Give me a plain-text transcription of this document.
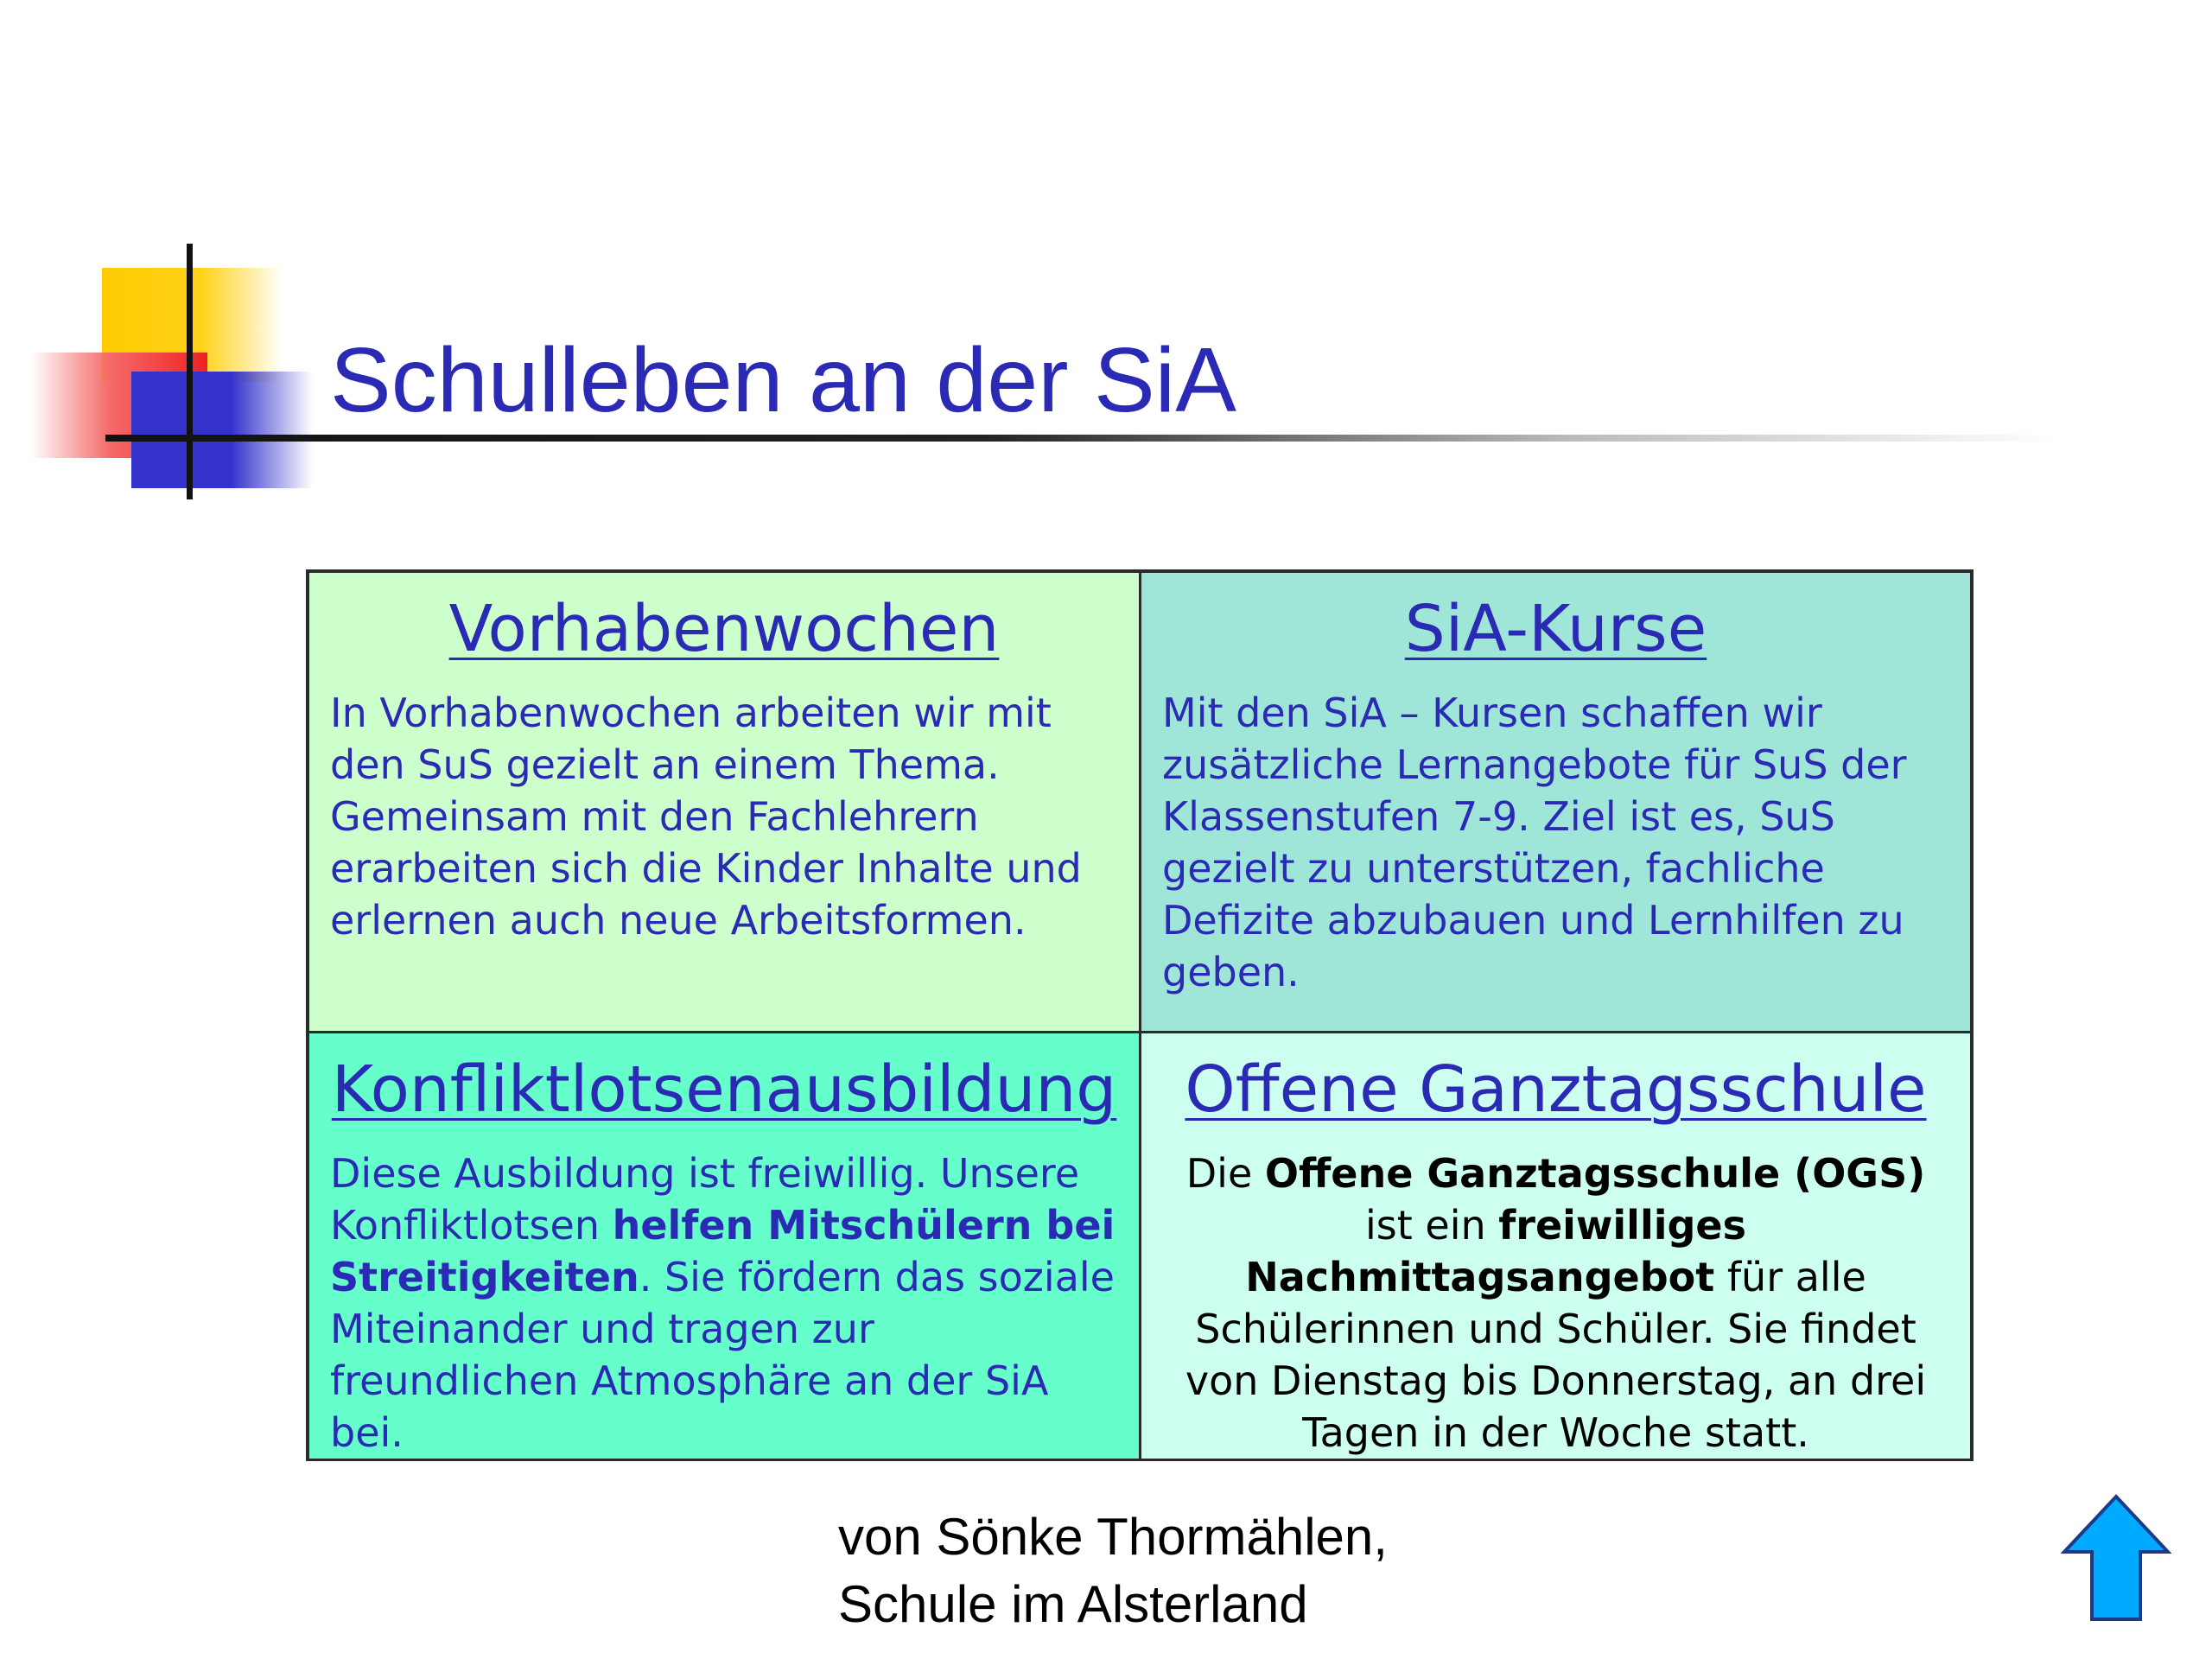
Schulleben an der SiA
Vorhabenwochen

In Vorhabenwochen arbeiten wir mit den SuS gezielt an einem Thema. Gemeinsam mit den Fachlehrern erarbeiten sich die Kinder Inhalte und erlernen auch neue Arbeitsformen.

SiA-Kurse

Mit den SiA – Kursen schaffen wir zusätzliche Lernangebote für SuS der Klassenstufen 7-9. Ziel ist es, SuS gezielt zu unterstützen, fachliche Defizite abzubauen und Lernhilfen zu geben.

Konfliktlotsenausbildung

Diese Ausbildung ist freiwillig. Unsere Konfliktlotsen helfen Mitschülern bei Streitigkeiten. Sie fördern das soziale Miteinander und tragen zur freundlichen Atmosphäre an der SiA bei.

Offene Ganztagsschule

Die Offene Ganztagsschule (OGS) ist ein freiwilliges Nachmittagsangebot für alle Schülerinnen und Schüler. Sie findet von Dienstag bis Donnerstag, an drei Tagen in der Woche statt.

von Sönke Thormählen,
Schule im Alsterland
